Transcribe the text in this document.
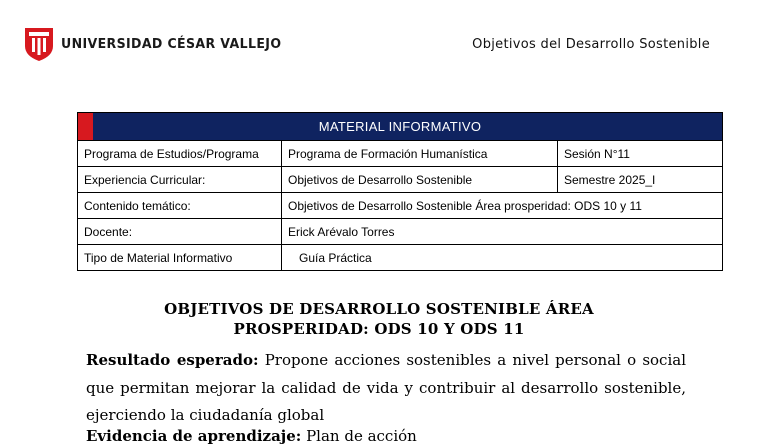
UNIVERSIDAD CÉSAR VALLEJO	Objetivos del Desarrollo Sostenible
MATERIAL INFORMATIVO		
Programa de Estudios/Programa	Programa de Formación Humanística	Sesión N°11
Experiencia Curricular:	Objetivos de Desarrollo Sostenible	Semestre 2025_I
Contenido temático:	Objetivos de Desarrollo Sostenible Área prosperidad: ODS 10 y 11	
Docente:	Erick Arévalo Torres	
Tipo de Material Informativo	Guía Práctica	
OBJETIVOS DE DESARROLLO SOSTENIBLE ÁREA
PROSPERIDAD: ODS 10 Y ODS 11
Resultado esperado: Propone acciones sostenibles a nivel personal o social que permitan mejorar la calidad de vida y contribuir al desarrollo sostenible, ejerciendo la ciudadanía global
Evidencia de aprendizaje: Plan de acción
